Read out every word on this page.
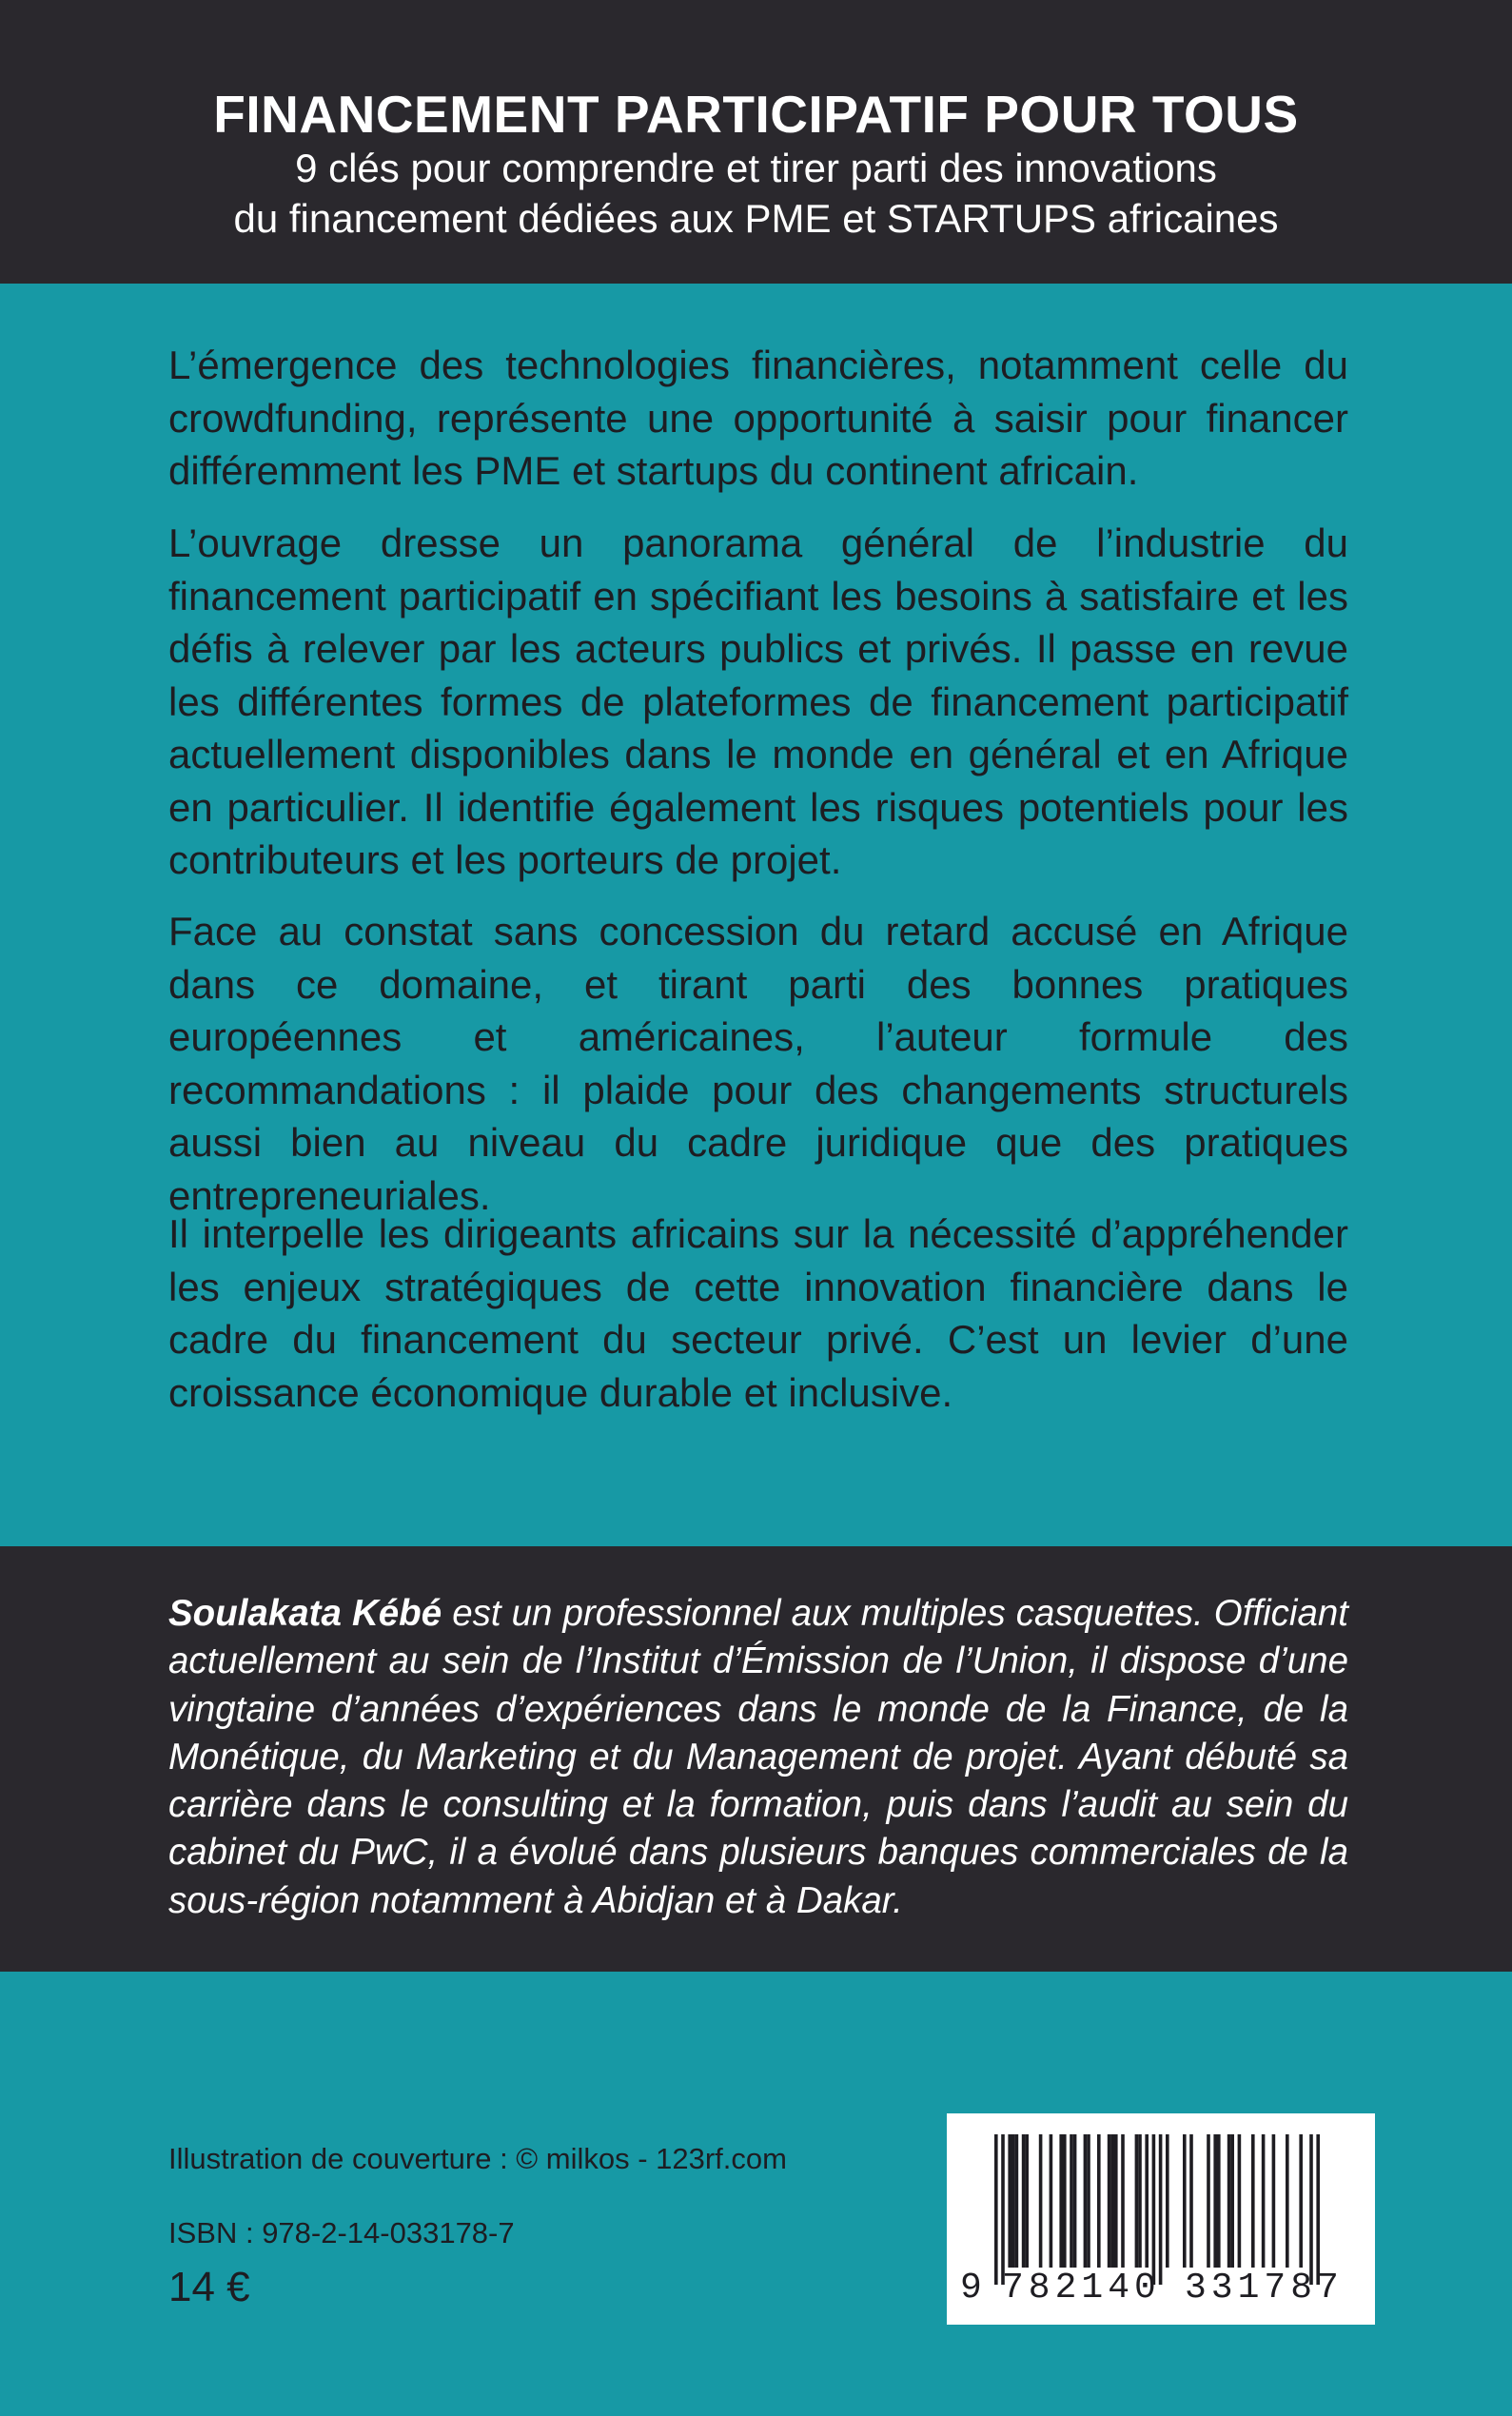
FINANCEMENT PARTICIPATIF POUR TOUS
9 clés pour comprendre et tirer parti des innovations
du financement dédiées aux PME et STARTUPS africaines

L’émergence des technologies financières, notamment celle du crowdfunding, représente une opportunité à saisir pour financer différemment les PME et startups du continent africain.

L’ouvrage dresse un panorama général de l’industrie du financement participatif en spécifiant les besoins à satisfaire et les défis à relever par les acteurs publics et privés. Il passe en revue les différentes formes de plateformes de financement participatif actuellement disponibles dans le monde en général et en Afrique en particulier. Il identifie également les risques potentiels pour les contributeurs et les porteurs de projet.

Face au constat sans concession du retard accusé en Afrique dans ce domaine, et tirant parti des bonnes pratiques européennes et américaines, l’auteur formule des recommandations : il plaide pour des changements structurels aussi bien au niveau du cadre juridique que des pratiques entrepreneuriales.

Il interpelle les dirigeants africains sur la nécessité d’appréhender les enjeux stratégiques de cette innovation financière dans le cadre du financement du secteur privé. C’est un levier d’une croissance économique durable et inclusive.

Soulakata Kébé est un professionnel aux multiples casquettes. Officiant actuellement au sein de l’Institut d’Émission de l’Union, il dispose d’une vingtaine d’années d’expériences dans le monde de la Finance, de la Monétique, du Marketing et du Management de projet. Ayant débuté sa carrière dans le consulting et la formation, puis dans l’audit au sein du cabinet du PwC, il a évolué dans plusieurs banques commerciales de la sous-région notamment à Abidjan et à Dakar.

Illustration de couverture : © milkos - 123rf.com
ISBN : 978-2-14-033178-7
14 €	9 782140 331787
